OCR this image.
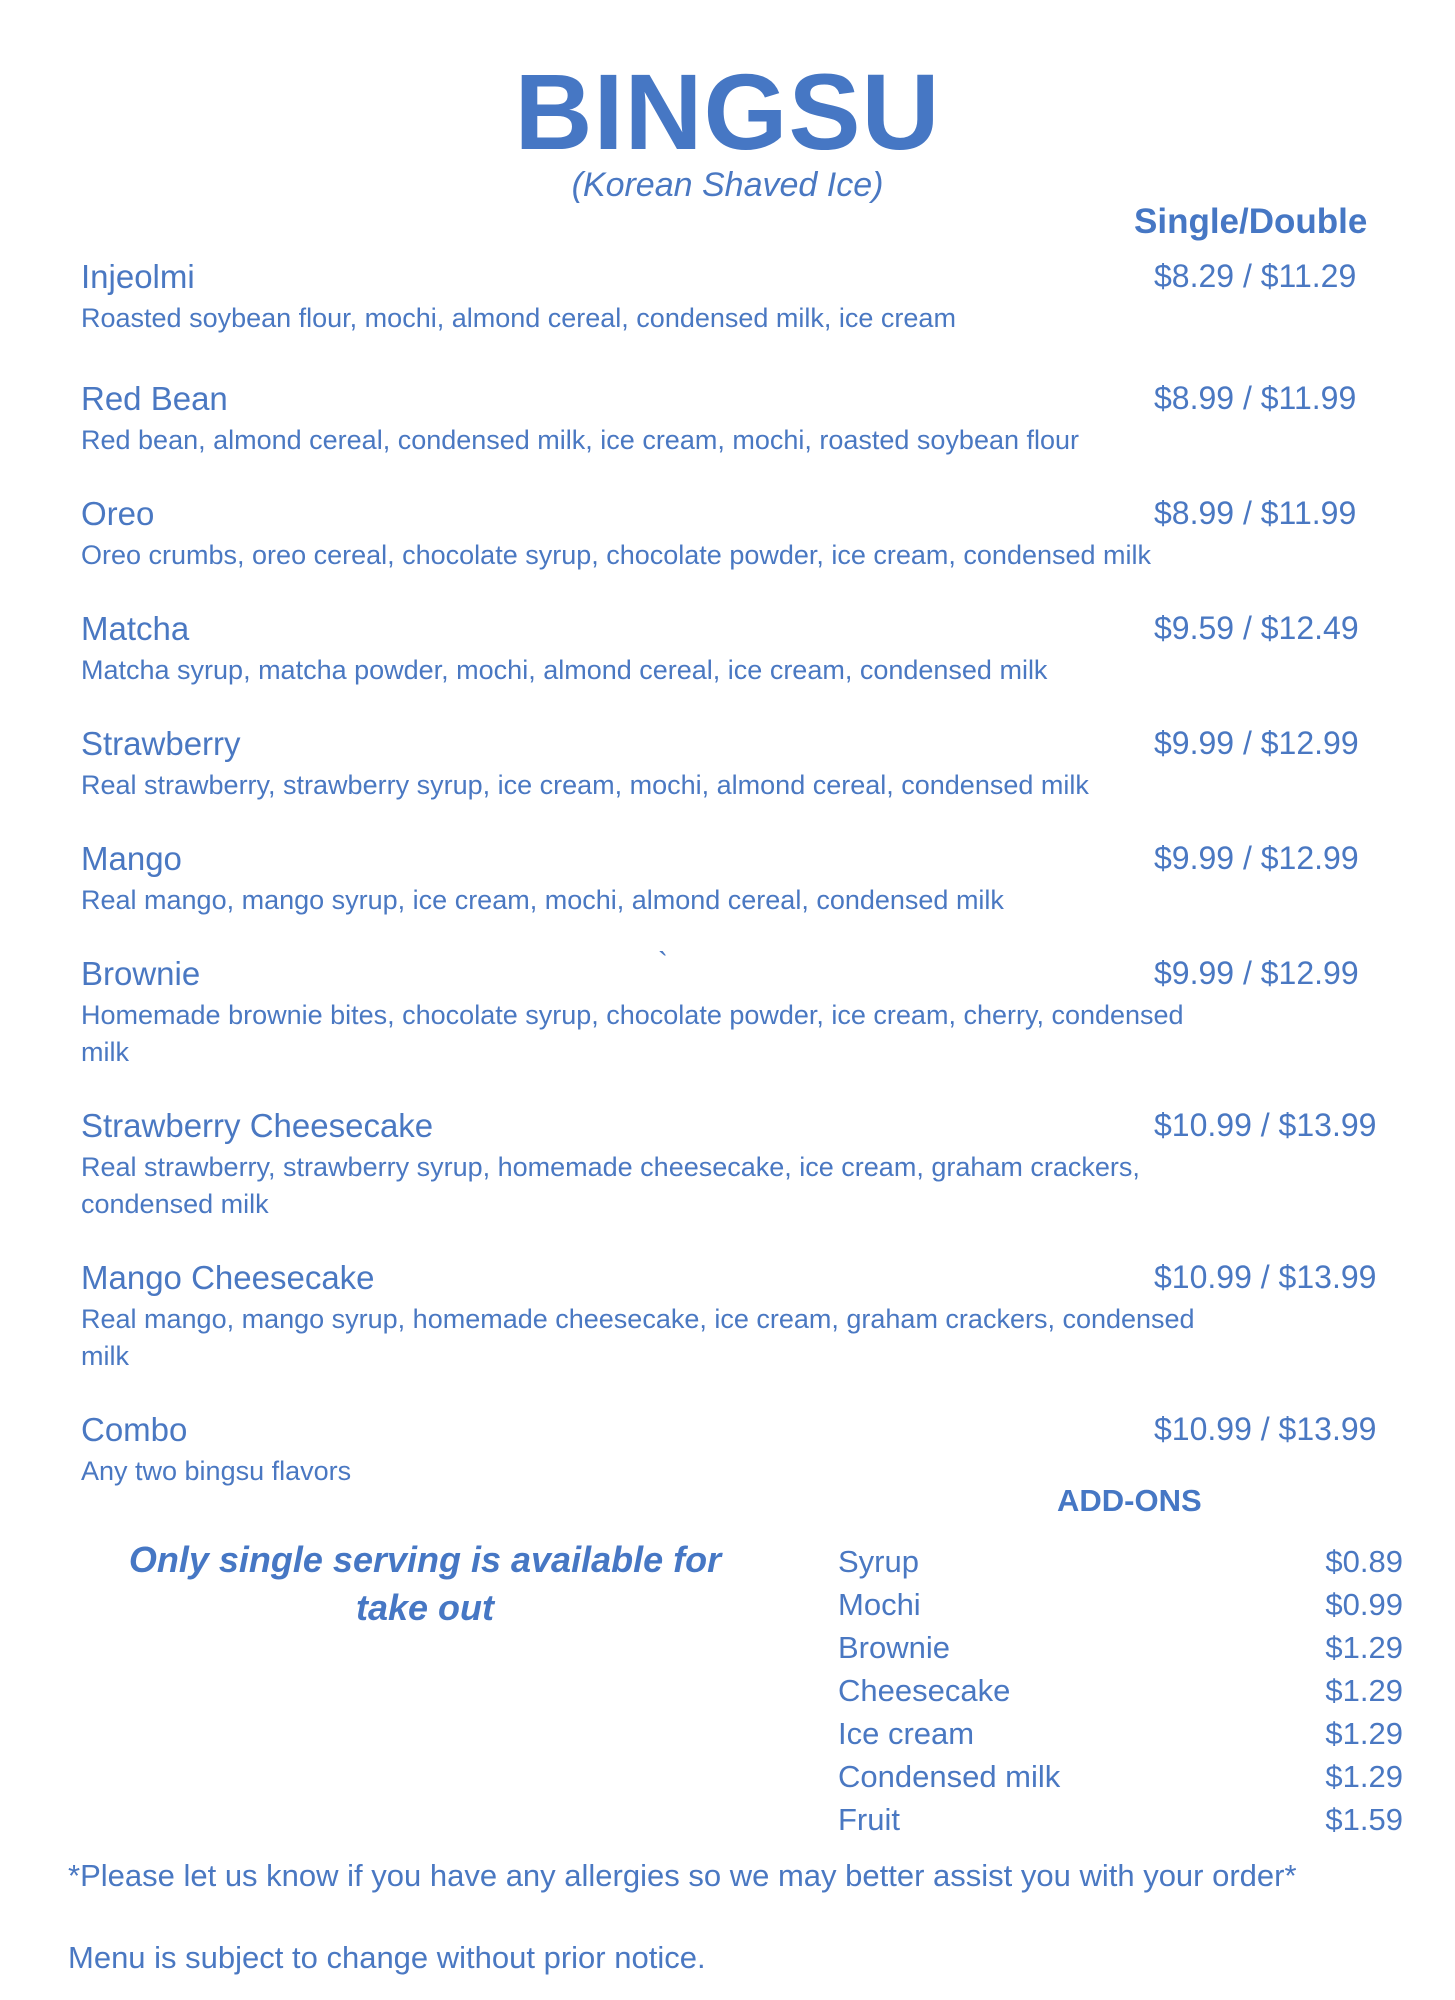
BINGSU
(Korean Shaved Ice)
Single/Double
Injeolmi	$8.29 / $11.29
Roasted soybean flour, mochi, almond cereal, condensed milk, ice cream
Red Bean	$8.99 / $11.99
Red bean, almond cereal, condensed milk, ice cream, mochi, roasted soybean flour
Oreo	$8.99 / $11.99
Oreo crumbs, oreo cereal, chocolate syrup, chocolate powder, ice cream, condensed milk
Matcha	$9.59 / $12.49
Matcha syrup, matcha powder, mochi, almond cereal, ice cream, condensed milk
Strawberry	$9.99 / $12.99
Real strawberry, strawberry syrup, ice cream, mochi, almond cereal, condensed milk
Mango	$9.99 / $12.99
Real mango, mango syrup, ice cream, mochi, almond cereal, condensed milk
Brownie	$9.99 / $12.99
Homemade brownie bites, chocolate syrup, chocolate powder, ice cream, cherry, condensed milk
Strawberry Cheesecake	$10.99 / $13.99
Real strawberry, strawberry syrup, homemade cheesecake, ice cream, graham crackers, condensed milk
Mango Cheesecake	$10.99 / $13.99
Real mango, mango syrup, homemade cheesecake, ice cream, graham crackers, condensed milk
Combo	$10.99 / $13.99
Any two bingsu flavors
`
ADD-ONS
Only single serving is available for take out
Syrup	$0.89
Mochi	$0.99
Brownie	$1.29
Cheesecake	$1.29
Ice cream	$1.29
Condensed milk	$1.29
Fruit	$1.59
*Please let us know if you have any allergies so we may better assist you with your order*
Menu is subject to change without prior notice.
